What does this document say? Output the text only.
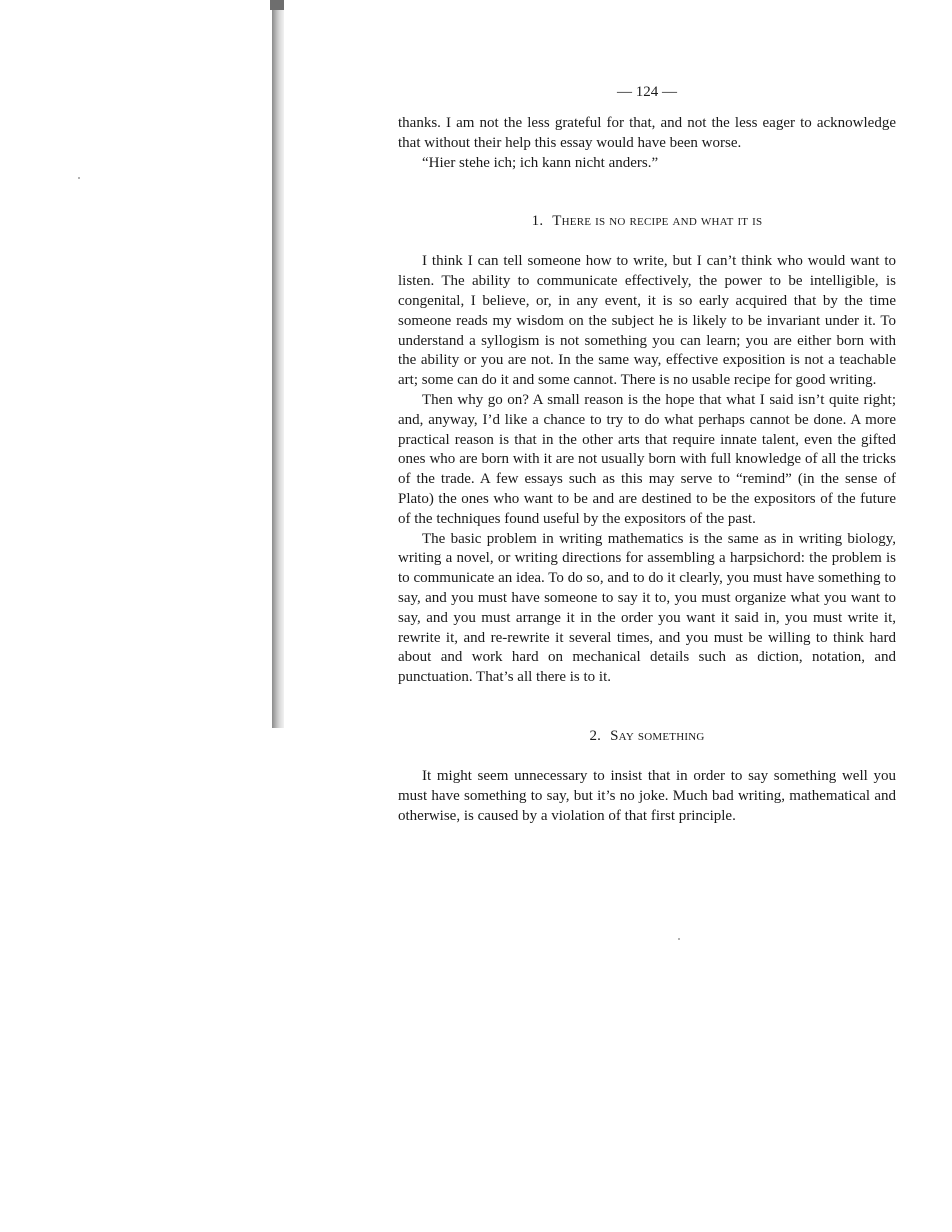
— 124 —

thanks. I am not the less grateful for that, and not the less eager to acknowledge that without their help this essay would have been worse.

“Hier stehe ich; ich kann nicht anders.”

1. There is no recipe and what it is

I think I can tell someone how to write, but I can’t think who would want to listen. The ability to communicate effectively, the power to be intelligible, is congenital, I believe, or, in any event, it is so early acquired that by the time someone reads my wisdom on the subject he is likely to be invariant under it. To understand a syllogism is not something you can learn; you are either born with the ability or you are not. In the same way, effective exposition is not a teachable art; some can do it and some cannot. There is no usable recipe for good writing.

Then why go on? A small reason is the hope that what I said isn’t quite right; and, anyway, I’d like a chance to try to do what perhaps cannot be done. A more practical reason is that in the other arts that require innate talent, even the gifted ones who are born with it are not usually born with full knowledge of all the tricks of the trade. A few essays such as this may serve to “remind” (in the sense of Plato) the ones who want to be and are destined to be the expositors of the future of the techniques found useful by the expositors of the past.

The basic problem in writing mathematics is the same as in writing biology, writing a novel, or writing directions for assembling a harpsichord: the problem is to communicate an idea. To do so, and to do it clearly, you must have something to say, and you must have someone to say it to, you must organize what you want to say, and you must arrange it in the order you want it said in, you must write it, rewrite it, and re-rewrite it several times, and you must be willing to think hard about and work hard on mechanical details such as diction, notation, and punctuation. That’s all there is to it.

2. Say something

It might seem unnecessary to insist that in order to say something well you must have something to say, but it’s no joke. Much bad writing, mathematical and otherwise, is caused by a violation of that first principle.
